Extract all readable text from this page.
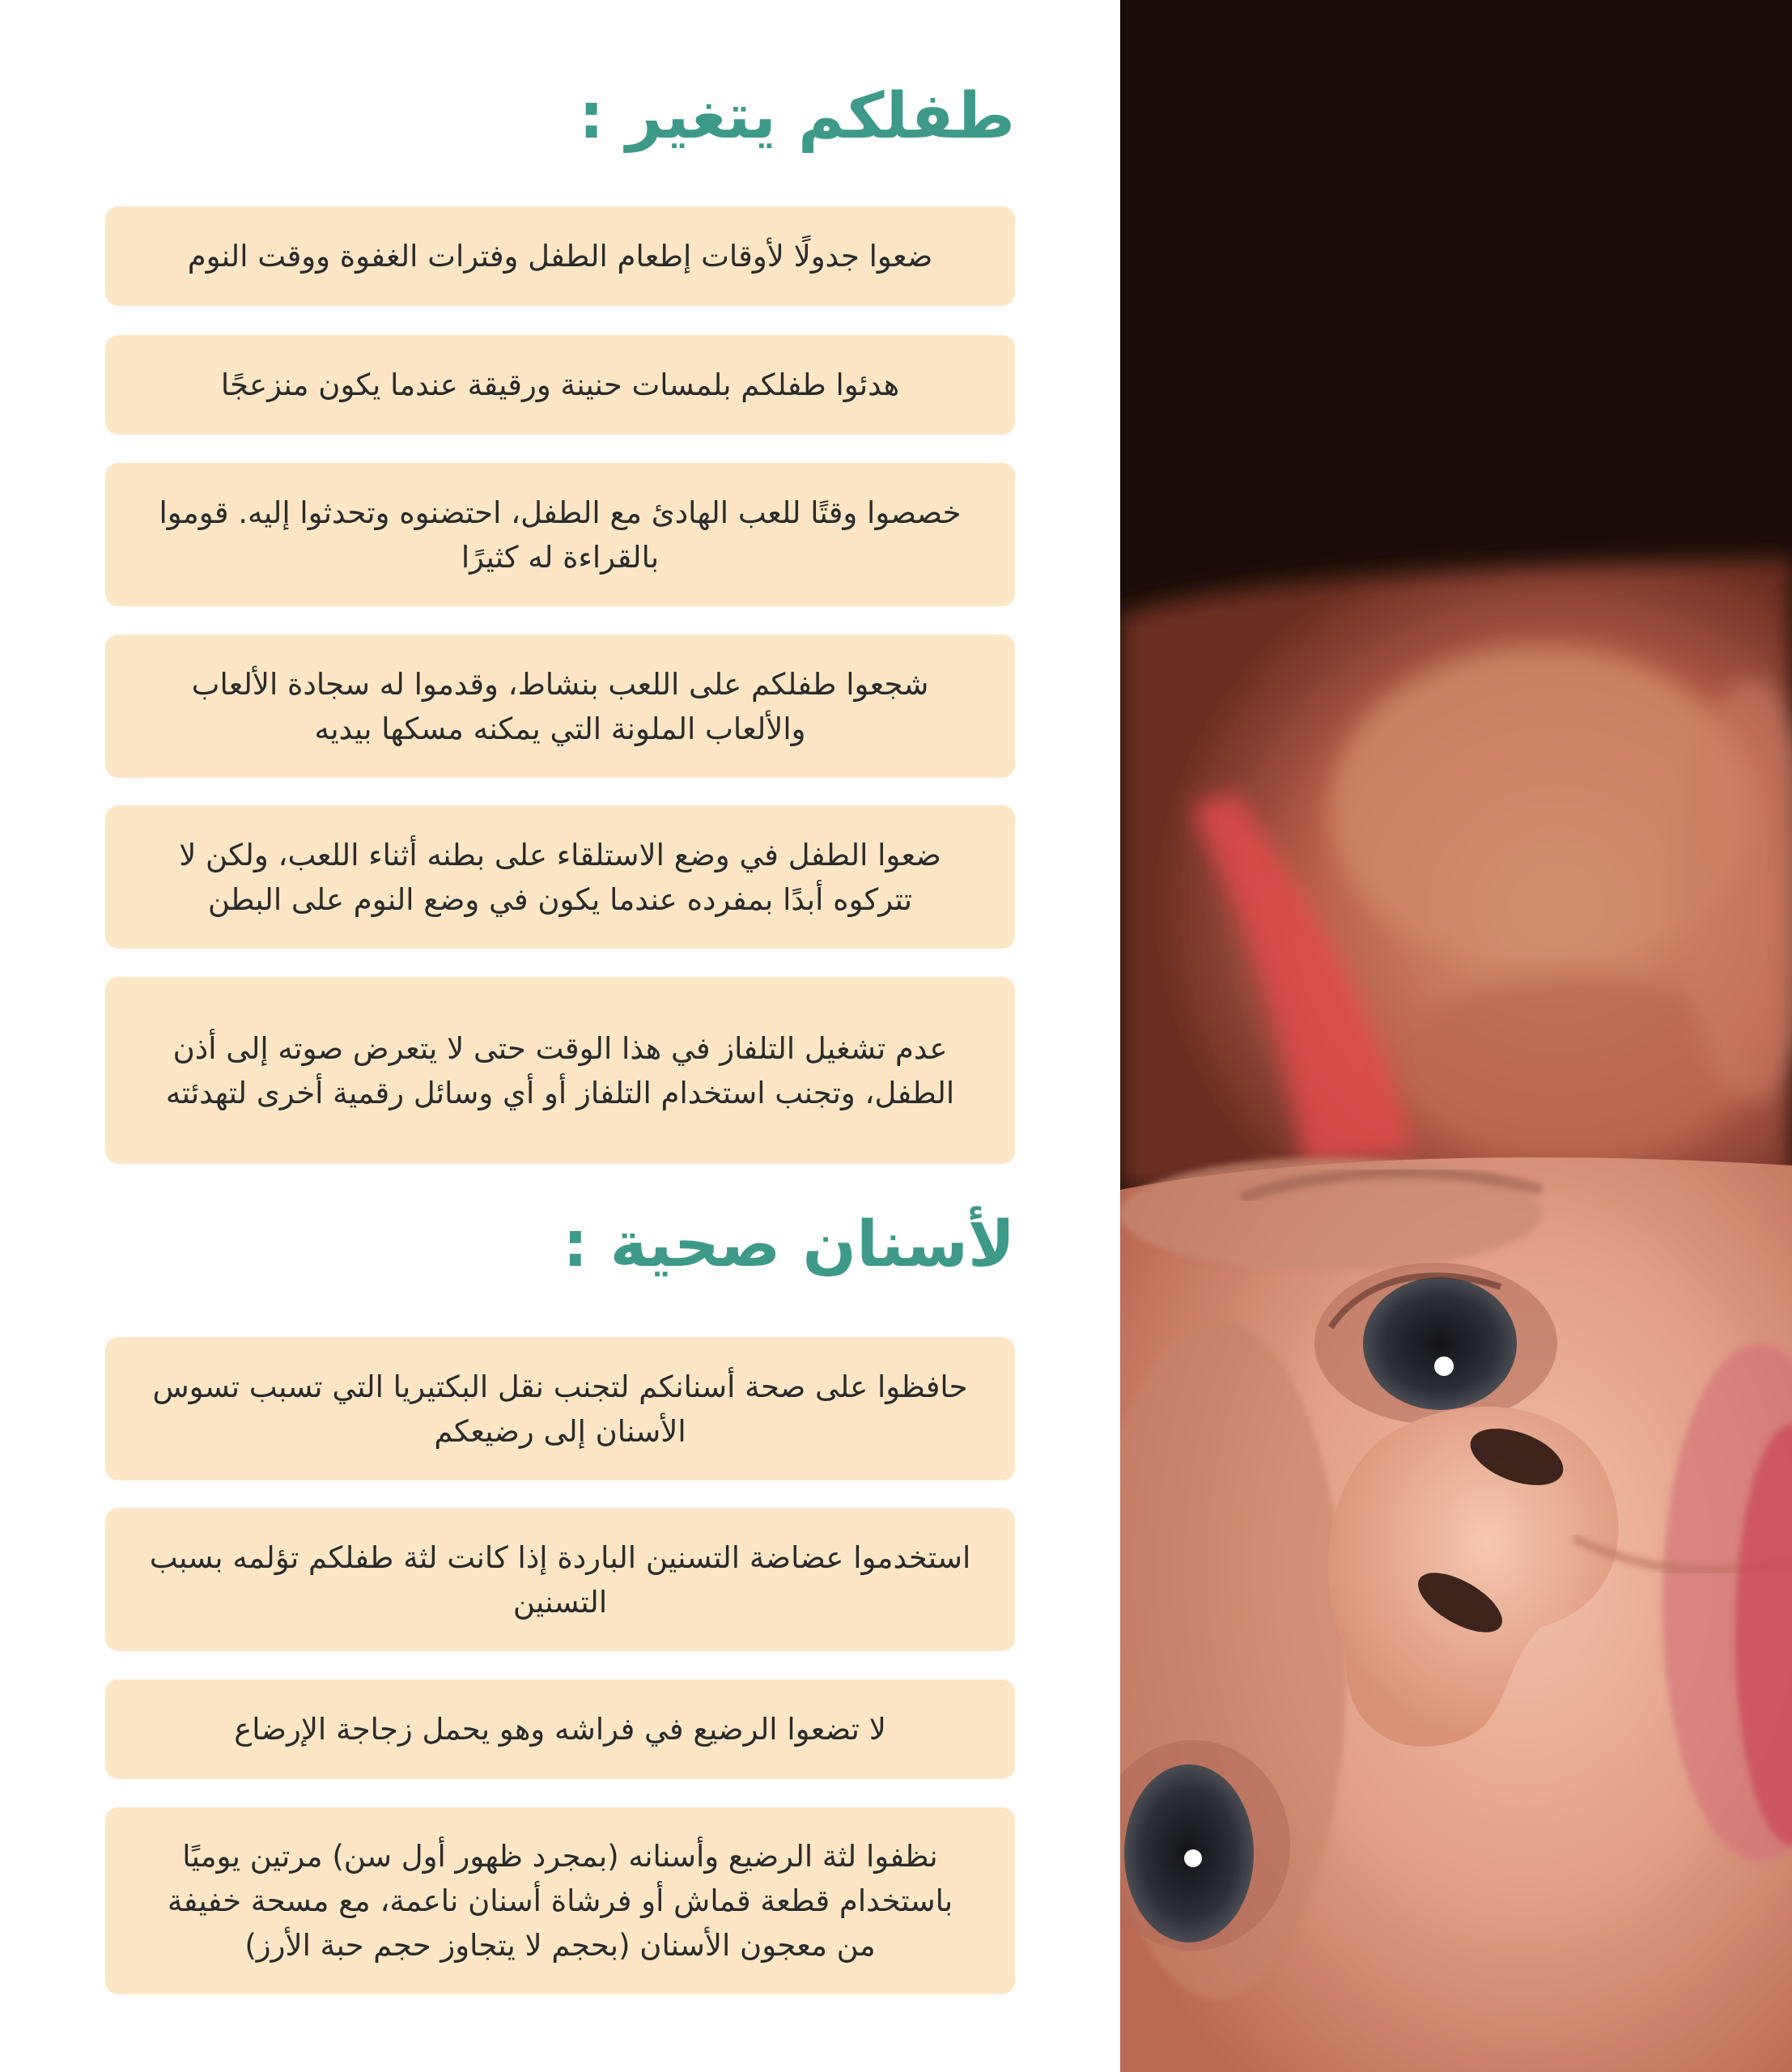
طفلكم يتغير :
ضعوا جدولًا لأوقات إطعام الطفل وفترات الغفوة ووقت النوم
هدئوا طفلكم بلمسات حنينة ورقيقة عندما يكون منزعجًا
خصصوا وقتًا للعب الهادئ مع الطفل، احتضنوه وتحدثوا إليه. قوموا بالقراءة له كثيرًا
شجعوا طفلكم على اللعب بنشاط، وقدموا له سجادة الألعاب والألعاب الملونة التي يمكنه مسكها بيديه
ضعوا الطفل في وضع الاستلقاء على بطنه أثناء اللعب، ولكن لا تتركوه أبدًا بمفرده عندما يكون في وضع النوم على البطن
عدم تشغيل التلفاز في هذا الوقت حتى لا يتعرض صوته إلى أذن الطفل، وتجنب استخدام التلفاز أو أي وسائل رقمية أخرى لتهدئته
لأسنان صحية :
حافظوا على صحة أسنانكم لتجنب نقل البكتيريا التي تسبب تسوس الأسنان إلى رضيعكم
استخدموا عضاضة التسنين الباردة إذا كانت لثة طفلكم تؤلمه بسبب التسنين
لا تضعوا الرضيع في فراشه وهو يحمل زجاجة الإرضاع
نظفوا لثة الرضيع وأسنانه (بمجرد ظهور أول سن) مرتين يوميًا باستخدام قطعة قماش أو فرشاة أسنان ناعمة، مع مسحة خفيفة من معجون الأسنان (بحجم لا يتجاوز حجم حبة الأرز)
